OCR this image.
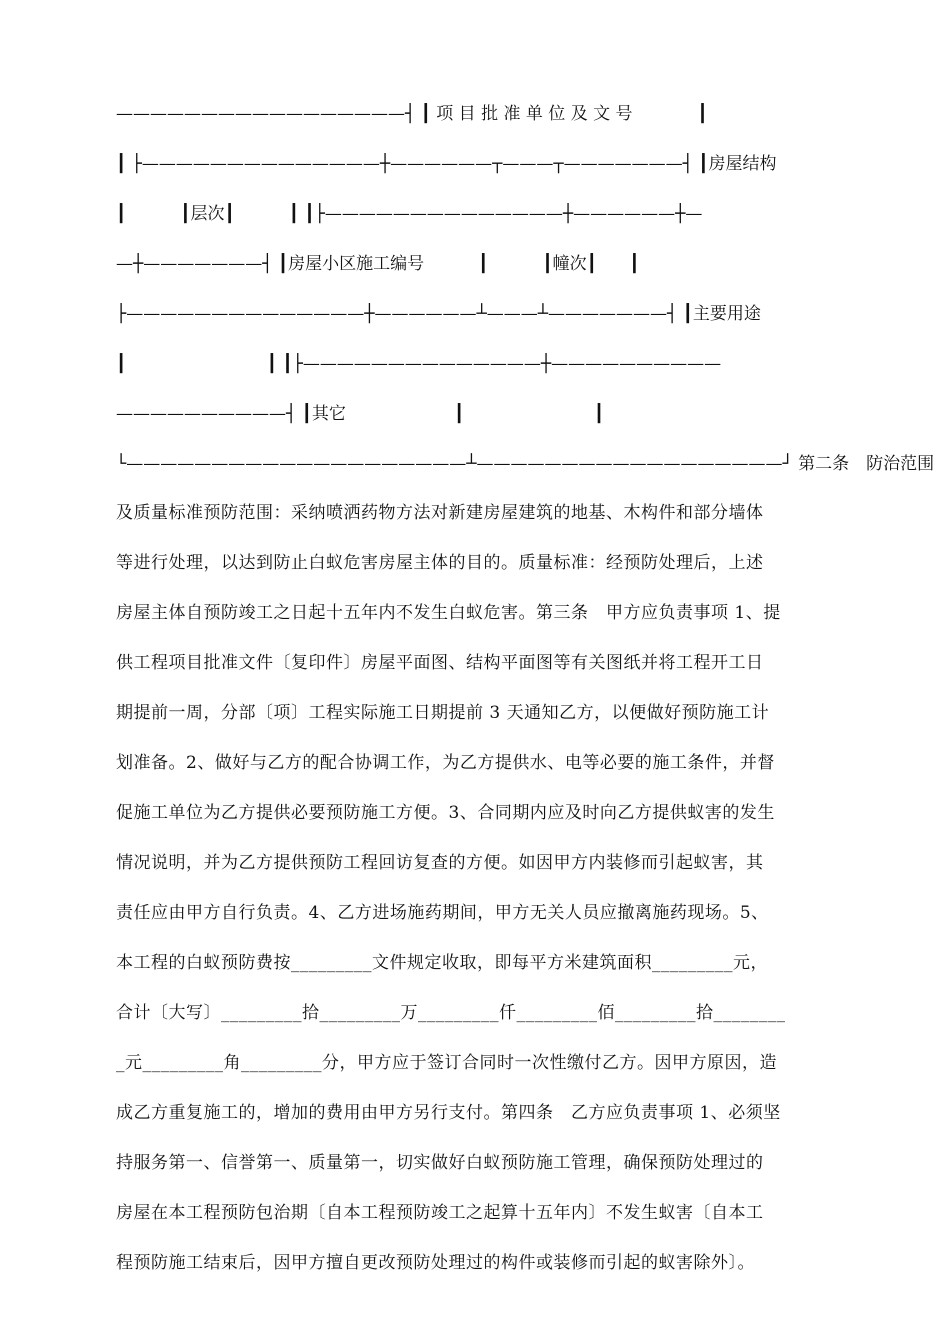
—————————————————┤ ┃ 项 目 批 准 单 位 及 文 号            ┃
┃ ├——————————————┼——————┬———┬———————┤ ┃房屋结构
┃          ┃层次┃          ┃ ┃├——————————————┼——————┼—
—┼———————┤ ┃房屋小区施工编号          ┃          ┃幢次┃      ┃
├——————————————┼——————┴———┴———————┤ ┃主要用途
┃                          ┃ ┃├——————————————┼——————————
——————————┤ ┃其它                    ┃                        ┃
└————————————————————┴——————————————————┘ 第二条　防治范围
及质量标准预防范围：采纳喷洒药物方法对新建房屋建筑的地基、木构件和部分墙体
等进行处理，以达到防止白蚁危害房屋主体的目的。质量标准：经预防处理后，上述
房屋主体自预防竣工之日起十五年内不发生白蚁危害。第三条　甲方应负责事项 1、提
供工程项目批准文件〔复印件〕房屋平面图、结构平面图等有关图纸并将工程开工日
期提前一周，分部〔项〕工程实际施工日期提前 3 天通知乙方，以便做好预防施工计
划准备。2、做好与乙方的配合协调工作，为乙方提供水、电等必要的施工条件，并督
促施工单位为乙方提供必要预防施工方便。3、合同期内应及时向乙方提供蚁害的发生
情况说明，并为乙方提供预防工程回访复查的方便。如因甲方内装修而引起蚁害，其
责任应由甲方自行负责。4、乙方进场施药期间，甲方无关人员应撤离施药现场。5、
本工程的白蚁预防费按_________文件规定收取，即每平方米建筑面积_________元，
合计〔大写〕_________拾_________万_________仟_________佰_________拾________
_元_________角_________分，甲方应于签订合同时一次性缴付乙方。因甲方原因，造
成乙方重复施工的，增加的费用由甲方另行支付。第四条　乙方应负责事项 1、必须坚
持服务第一、信誉第一、质量第一，切实做好白蚁预防施工管理，确保预防处理过的
房屋在本工程预防包治期〔自本工程预防竣工之起算十五年内〕不发生蚁害〔自本工
程预防施工结束后，因甲方擅自更改预防处理过的构件或装修而引起的蚁害除外〕。
